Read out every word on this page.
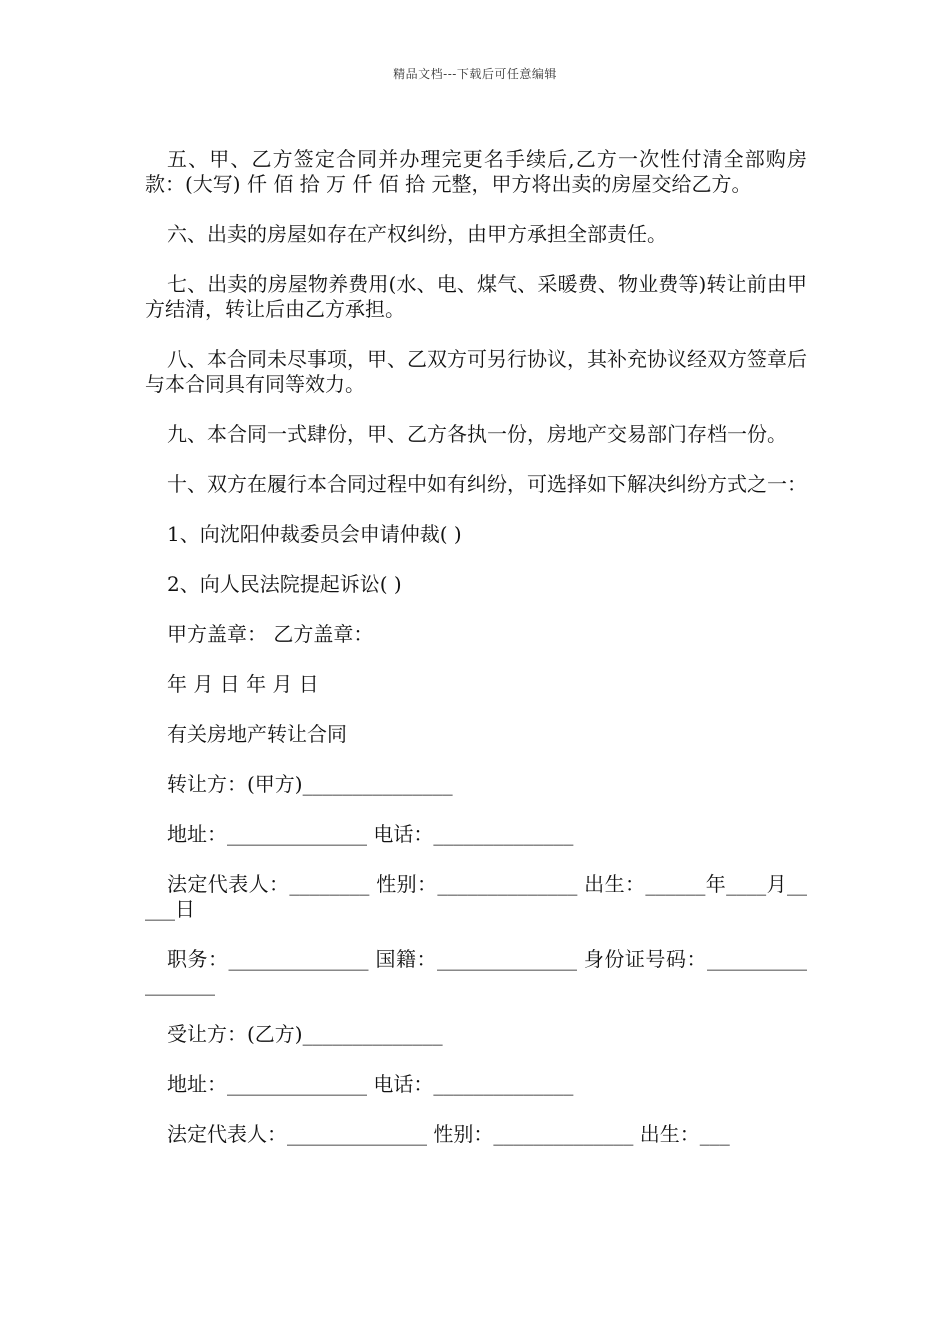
精品文档---下载后可任意编辑

五、甲、乙方签定合同并办理完更名手续后,乙方一次性付清全部购房款：(大写) 仟 佰 拾 万 仟 佰 拾 元整，甲方将出卖的房屋交给乙方。

六、出卖的房屋如存在产权纠纷，由甲方承担全部责任。

七、出卖的房屋物养费用(水、电、煤气、采暖费、物业费等)转让前由甲方结清，转让后由乙方承担。

八、本合同未尽事项，甲、乙双方可另行协议，其补充协议经双方签章后与本合同具有同等效力。

九、本合同一式肆份，甲、乙方各执一份，房地产交易部门存档一份。

十、双方在履行本合同过程中如有纠纷，可选择如下解决纠纷方式之一：

1、向沈阳仲裁委员会申请仲裁( )

2、向人民法院提起诉讼( )

甲方盖章： 乙方盖章：

年 月 日 年 月 日

有关房地产转让合同

转让方：(甲方)_______________

地址：______________ 电话：______________

法定代表人：________ 性别：______________ 出生：______年____月_____日

职务：______________ 国籍：______________ 身份证号码：_________________

受让方：(乙方)______________

地址：______________ 电话：______________

法定代表人：______________ 性别：______________ 出生：___
